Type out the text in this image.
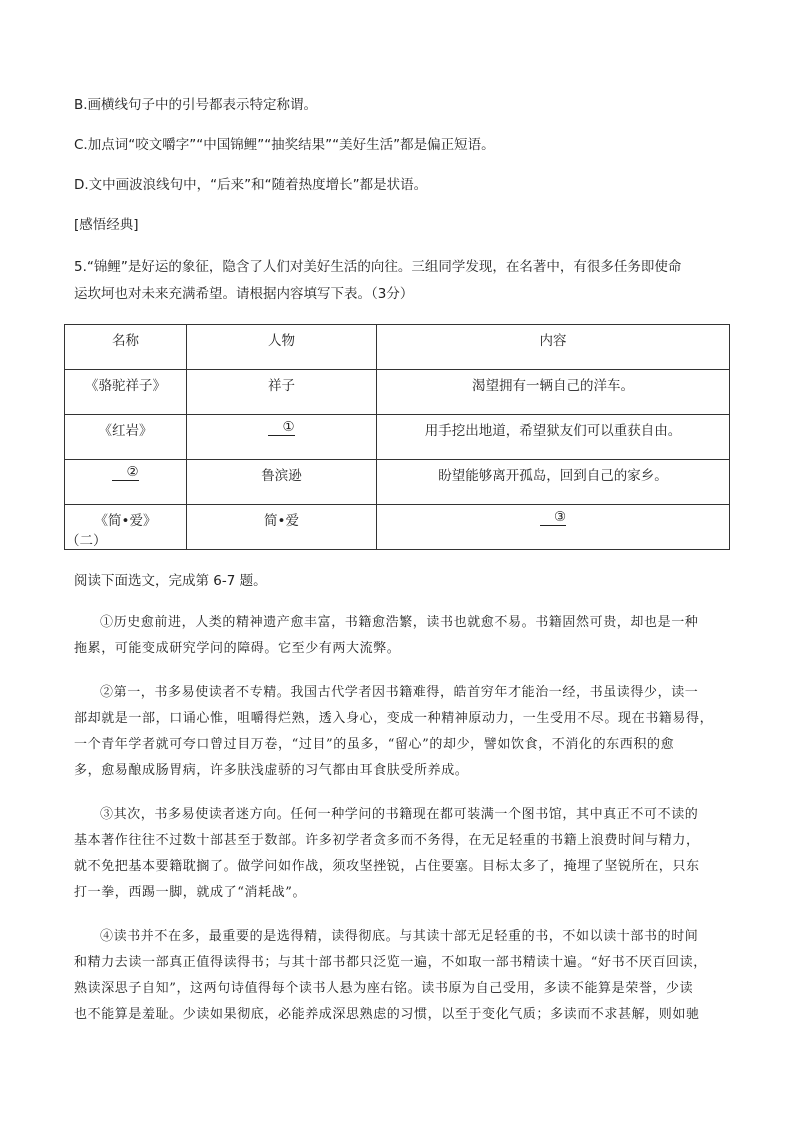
B.画横线句子中的引号都表示特定称谓。
C.加点词“咬文嚼字”“中国锦鲤”“抽奖结果”“美好生活”都是偏正短语。
D.文中画波浪线句中，“后来”和“随着热度增长”都是状语。
[感悟经典]
5.“锦鲤”是好运的象征，隐含了人们对美好生活的向往。三组同学发现，在名著中，有很多任务即使命
运坎坷也对未来充满希望。请根据内容填写下表。（3分）
名称	人物	内容
《骆驼祥子》	祥子	渴望拥有一辆自己的洋车。
《红岩》	①	用手挖出地道，希望狱友们可以重获自由。
②	鲁滨逊	盼望能够离开孤岛，回到自己的家乡。
《简•爱》	简•爱	③
（二）
阅读下面选文，完成第 6-7 题。
①历史愈前进，人类的精神遗产愈丰富，书籍愈浩繁，读书也就愈不易。书籍固然可贵，却也是一种
拖累，可能变成研究学问的障碍。它至少有两大流弊。
②第一，书多易使读者不专精。我国古代学者因书籍难得，皓首穷年才能治一经，书虽读得少，读一
部却就是一部，口诵心惟，咀嚼得烂熟，透入身心，变成一种精神原动力，一生受用不尽。现在书籍易得，
一个青年学者就可夸口曾过目万卷，“过目”的虽多，“留心”的却少，譬如饮食，不消化的东西积的愈
多，愈易酿成肠胃病，许多肤浅虚骄的习气都由耳食肤受所养成。
③其次，书多易使读者迷方向。任何一种学问的书籍现在都可装满一个图书馆，其中真正不可不读的
基本著作往往不过数十部甚至于数部。许多初学者贪多而不务得，在无足轻重的书籍上浪费时间与精力，
就不免把基本要籍耽搁了。做学问如作战，须攻坚挫锐，占住要塞。目标太多了，掩埋了坚锐所在，只东
打一拳，西踢一脚，就成了“消耗战”。
④读书并不在多，最重要的是选得精，读得彻底。与其读十部无足轻重的书，不如以读十部书的时间
和精力去读一部真正值得读得书；与其十部书都只泛览一遍，不如取一部书精读十遍。“好书不厌百回读，
熟读深思子自知”，这两句诗值得每个读书人悬为座右铭。读书原为自己受用，多读不能算是荣誉，少读
也不能算是羞耻。少读如果彻底，必能养成深思熟虑的习惯，以至于变化气质；多读而不求甚解，则如驰
